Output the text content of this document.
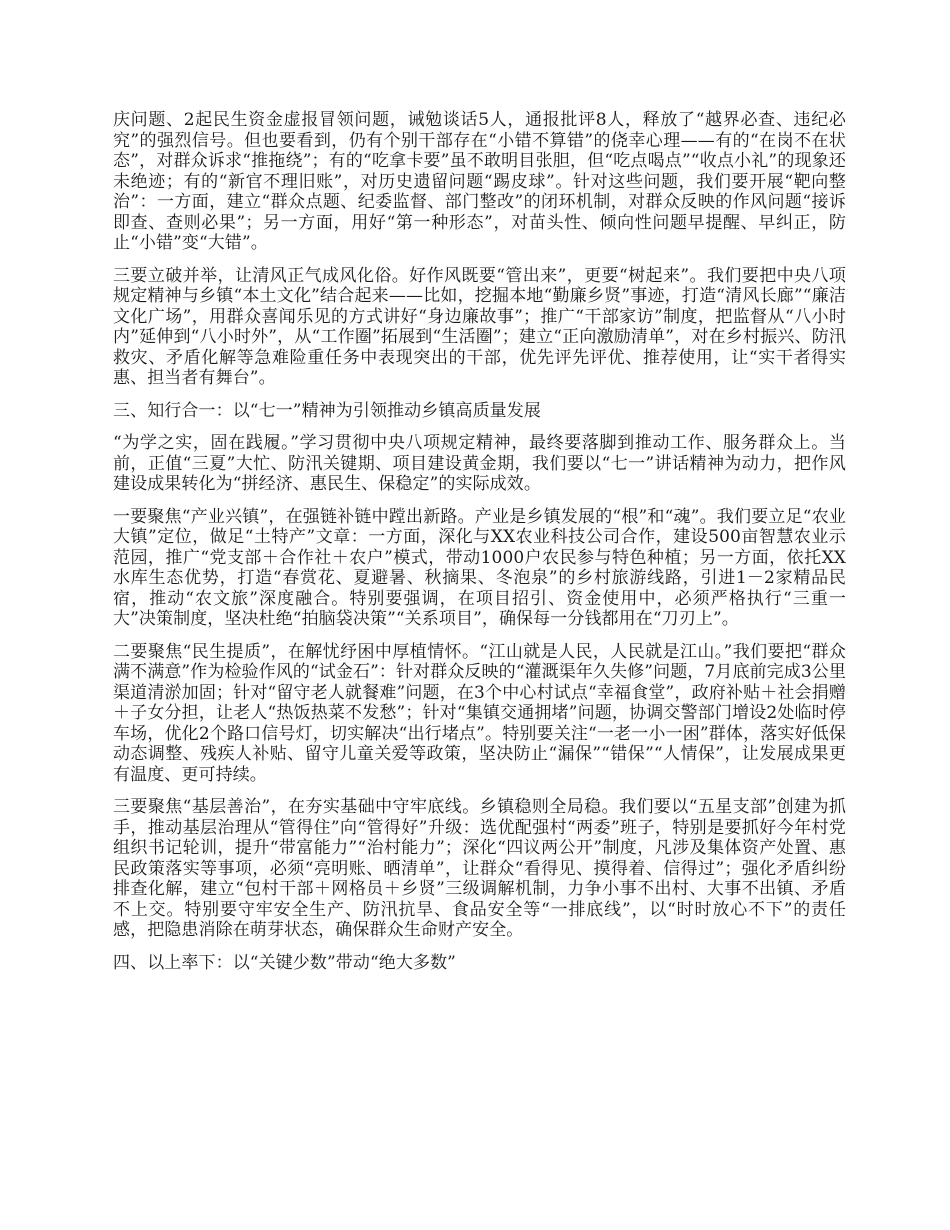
庆问题、2起民生资金虚报冒领问题，诫勉谈话5人，通报批评8人，释放了“越界必查、违纪必究”的强烈信号。但也要看到，仍有个别干部存在“小错不算错”的侥幸心理——有的“在岗不在状态”，对群众诉求“推拖绕”；有的“吃拿卡要”虽不敢明目张胆，但“吃点喝点”“收点小礼”的现象还未绝迹；有的“新官不理旧账”，对历史遗留问题“踢皮球”。针对这些问题，我们要开展“靶向整治”：一方面，建立“群众点题、纪委监督、部门整改”的闭环机制，对群众反映的作风问题“接诉即查、查则必果”；另一方面，用好“第一种形态”，对苗头性、倾向性问题早提醒、早纠正，防止“小错”变“大错”。

三要立破并举，让清风正气成风化俗。好作风既要“管出来”，更要“树起来”。我们要把中央八项规定精神与乡镇“本土文化”结合起来——比如，挖掘本地“勤廉乡贤”事迹，打造“清风长廊”“廉洁文化广场”，用群众喜闻乐见的方式讲好“身边廉故事”；推广“干部家访”制度，把监督从“八小时内”延伸到“八小时外”，从“工作圈”拓展到“生活圈”；建立“正向激励清单”，对在乡村振兴、防汛救灾、矛盾化解等急难险重任务中表现突出的干部，优先评先评优、推荐使用，让“实干者得实惠、担当者有舞台”。

三、知行合一：以“七一”精神为引领推动乡镇高质量发展

“为学之实，固在践履。”学习贯彻中央八项规定精神，最终要落脚到推动工作、服务群众上。当前，正值“三夏”大忙、防汛关键期、项目建设黄金期，我们要以“七一”讲话精神为动力，把作风建设成果转化为“拼经济、惠民生、保稳定”的实际成效。

一要聚焦“产业兴镇”，在强链补链中蹚出新路。产业是乡镇发展的“根”和“魂”。我们要立足“农业大镇”定位，做足“土特产”文章：一方面，深化与XX农业科技公司合作，建设500亩智慧农业示范园，推广“党支部＋合作社＋农户”模式，带动1000户农民参与特色种植；另一方面，依托XX水库生态优势，打造“春赏花、夏避暑、秋摘果、冬泡泉”的乡村旅游线路，引进1－2家精品民宿，推动“农文旅”深度融合。特别要强调，在项目招引、资金使用中，必须严格执行“三重一大”决策制度，坚决杜绝“拍脑袋决策”“关系项目”，确保每一分钱都用在“刀刃上”。

二要聚焦“民生提质”，在解忧纾困中厚植情怀。“江山就是人民，人民就是江山。”我们要把“群众满不满意”作为检验作风的“试金石”：针对群众反映的“灌溉渠年久失修”问题，7月底前完成3公里渠道清淤加固；针对“留守老人就餐难”问题，在3个中心村试点“幸福食堂”，政府补贴＋社会捐赠＋子女分担，让老人“热饭热菜不发愁”；针对“集镇交通拥堵”问题，协调交警部门增设2处临时停车场，优化2个路口信号灯，切实解决“出行堵点”。特别要关注“一老一小一困”群体，落实好低保动态调整、残疾人补贴、留守儿童关爱等政策，坚决防止“漏保”“错保”“人情保”，让发展成果更有温度、更可持续。

三要聚焦“基层善治”，在夯实基础中守牢底线。乡镇稳则全局稳。我们要以“五星支部”创建为抓手，推动基层治理从“管得住”向“管得好”升级：选优配强村“两委”班子，特别是要抓好今年村党组织书记轮训，提升“带富能力”“治村能力”；深化“四议两公开”制度，凡涉及集体资产处置、惠民政策落实等事项，必须“亮明账、晒清单”，让群众“看得见、摸得着、信得过”；强化矛盾纠纷排查化解，建立“包村干部＋网格员＋乡贤”三级调解机制，力争小事不出村、大事不出镇、矛盾不上交。特别要守牢安全生产、防汛抗旱、食品安全等“一排底线”，以“时时放心不下”的责任感，把隐患消除在萌芽状态，确保群众生命财产安全。

四、以上率下：以“关键少数”带动“绝大多数”
